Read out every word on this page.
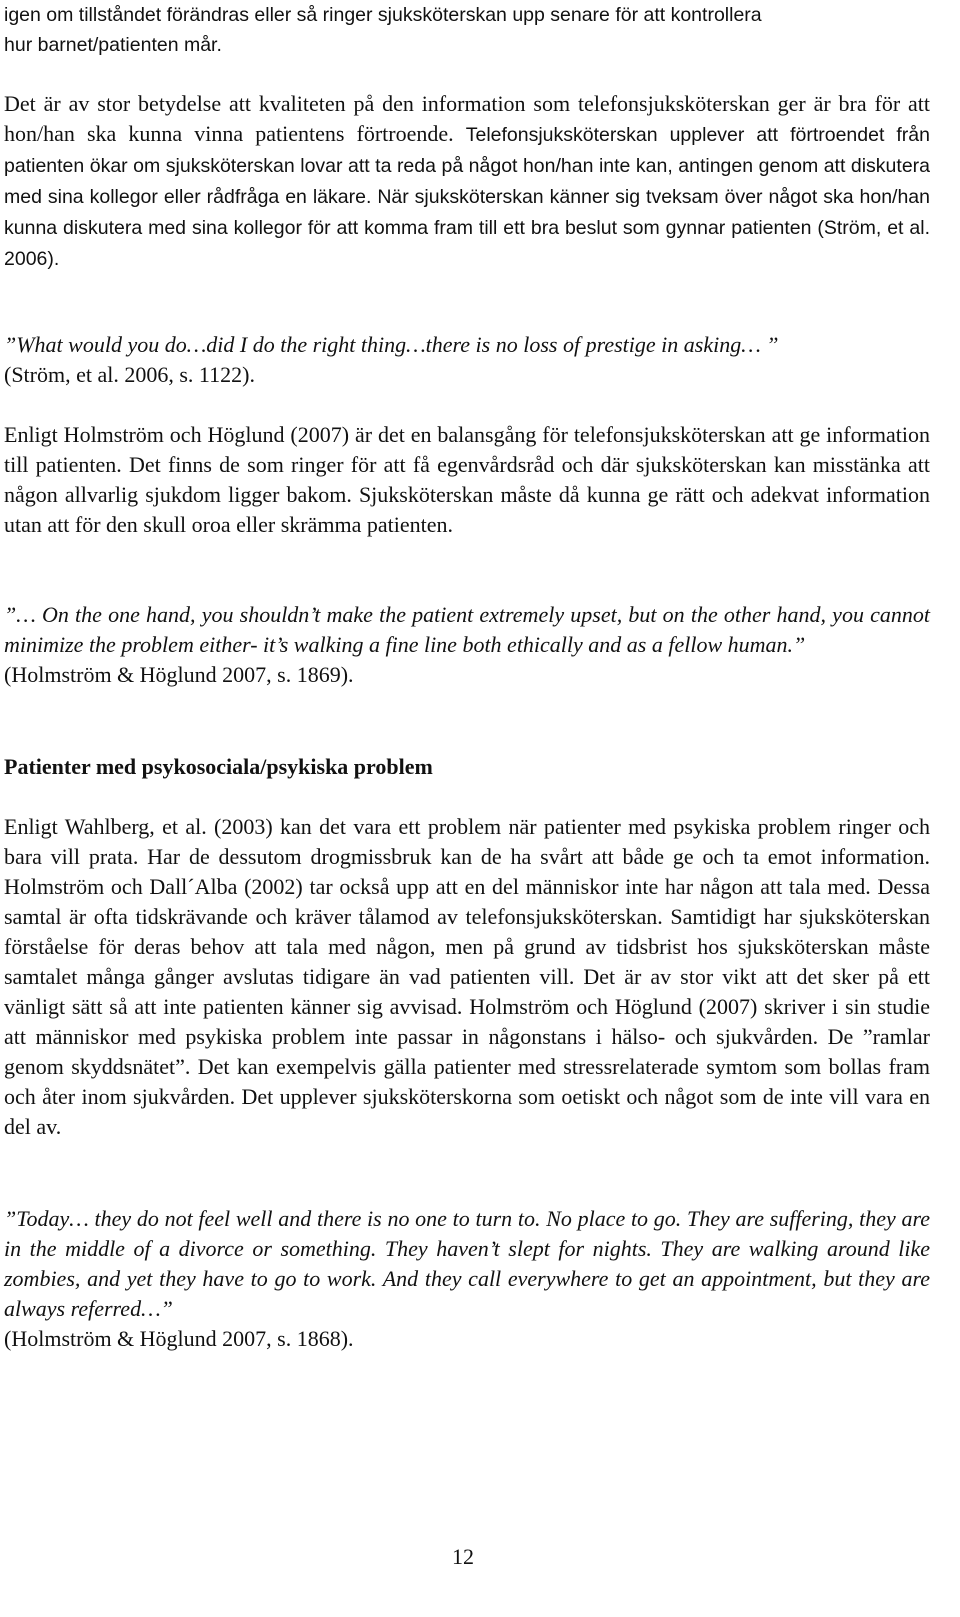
igen om tillståndet förändras eller så ringer sjuksköterskan upp senare för att kontrollera
hur barnet/patienten mår.

Det är av stor betydelse att kvaliteten på den information som telefonsjuksköterskan ger är bra för att hon/han ska kunna vinna patientens förtroende. Telefonsjuksköterskan upplever att förtroendet från patienten ökar om sjuksköterskan lovar att ta reda på något hon/han inte kan, antingen genom att diskutera med sina kollegor eller rådfråga en läkare. När sjuksköterskan känner sig tveksam över något ska hon/han kunna diskutera med sina kollegor för att komma fram till ett bra beslut som gynnar patienten (Ström, et al. 2006).

”What would you do…did I do the right thing…there is no loss of prestige in asking… ”
(Ström, et al. 2006, s. 1122).

Enligt Holmström och Höglund (2007) är det en balansgång för telefonsjuksköterskan att ge information till patienten. Det finns de som ringer för att få egenvårdsråd och där sjuksköterskan kan misstänka att någon allvarlig sjukdom ligger bakom. Sjuksköterskan måste då kunna ge rätt och adekvat information utan att för den skull oroa eller skrämma patienten.

”… On the one hand, you shouldn’t make the patient extremely upset, but on the other hand, you cannot minimize the problem either- it’s walking a fine line both ethically and as a fellow human.”
(Holmström & Höglund 2007, s. 1869).

Patienter med psykosociala/psykiska problem

Enligt Wahlberg, et al. (2003) kan det vara ett problem när patienter med psykiska problem ringer och bara vill prata. Har de dessutom drogmissbruk kan de ha svårt att både ge och ta emot information. Holmström och Dall´Alba (2002) tar också upp att en del människor inte har någon att tala med. Dessa samtal är ofta tidskrävande och kräver tålamod av telefonsjuksköterskan. Samtidigt har sjuksköterskan förståelse för deras behov att tala med någon, men på grund av tidsbrist hos sjuksköterskan måste samtalet många gånger avslutas tidigare än vad patienten vill. Det är av stor vikt att det sker på ett vänligt sätt så att inte patienten känner sig avvisad. Holmström och Höglund (2007) skriver i sin studie att människor med psykiska problem inte passar in någonstans i hälso- och sjukvården. De ”ramlar genom skyddsnätet”. Det kan exempelvis gälla patienter med stressrelaterade symtom som bollas fram och åter inom sjukvården. Det upplever sjuksköterskorna som oetiskt och något som de inte vill vara en del av.

”Today… they do not feel well and there is no one to turn to. No place to go. They are suffering, they are in the middle of a divorce or something. They haven’t slept for nights. They are walking around like zombies, and yet they have to go to work. And they call everywhere to get an appointment, but they are always referred…”
(Holmström & Höglund 2007, s. 1868).

12
